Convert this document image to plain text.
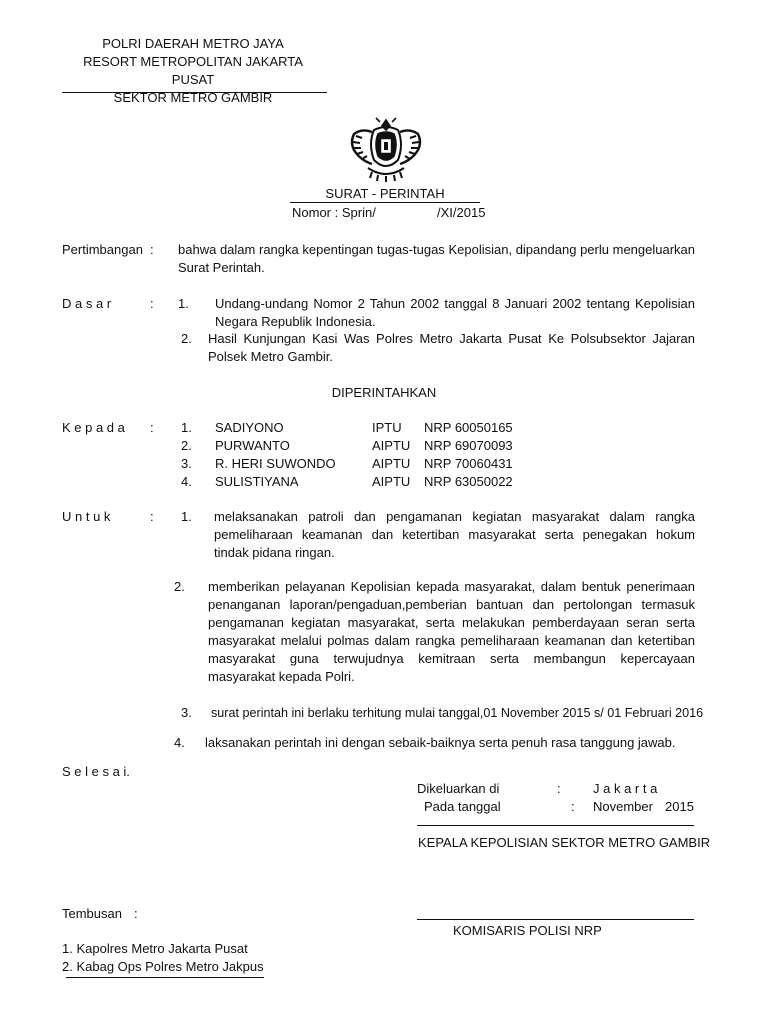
POLRI DAERAH METRO JAYA
RESORT METROPOLITAN JAKARTA PUSAT
SEKTOR METRO GAMBIR
SURAT - PERINTAH
Nomor : Sprin/	/XI/2015
Pertimbangan : bahwa dalam rangka kepentingan tugas-tugas Kepolisian, dipandang perlu mengeluarkan Surat Perintah.
D a s a r	: 1. Undang-undang Nomor 2 Tahun 2002 tanggal 8 Januari 2002 tentang Kepolisian Negara Republik Indonesia.
2. Hasil Kunjungan Kasi Was Polres Metro Jakarta Pusat Ke Polsubsektor Jajaran Polsek Metro Gambir.
DIPERINTAHKAN
K e p a d a : 1. SADIYONO	IPTU NRP 60050165
2. PURWANTO	AIPTU NRP 69070093
3. R. HERI SUWONDO	AIPTU NRP 70060431
4. SULISTIYANA	AIPTU NRP 63050022
U n t u k	: 1. melaksanakan patroli dan pengamanan kegiatan masyarakat dalam rangka pemeliharaan keamanan dan ketertiban masyarakat serta penegakan hokum tindak pidana ringan.
2. memberikan pelayanan Kepolisian kepada masyarakat, dalam bentuk penerimaan penanganan laporan/pengaduan,pemberian bantuan dan pertolongan termasuk pengamanan kegiatan masyarakat, serta melakukan pemberdayaan seran serta masyarakat melalui polmas dalam rangka pemeliharaan keamanan dan ketertiban masyarakat guna terwujudnya kemitraan serta membangun kepercayaan masyarakat kepada Polri.
3. surat perintah ini berlaku terhitung mulai tanggal,01 November 2015 s/ 01 Februari 2016
4. laksanakan perintah ini dengan sebaik-baiknya serta penuh rasa tanggung jawab.
S e l e s a i.
Dikeluarkan di	: J a k a r t a
Pada tanggal	: November 2015
KEPALA KEPOLISIAN SEKTOR METRO GAMBIR
KOMISARIS POLISI NRP
Tembusan :
1. Kapolres Metro Jakarta Pusat
2. Kabag Ops Polres Metro Jakpus
